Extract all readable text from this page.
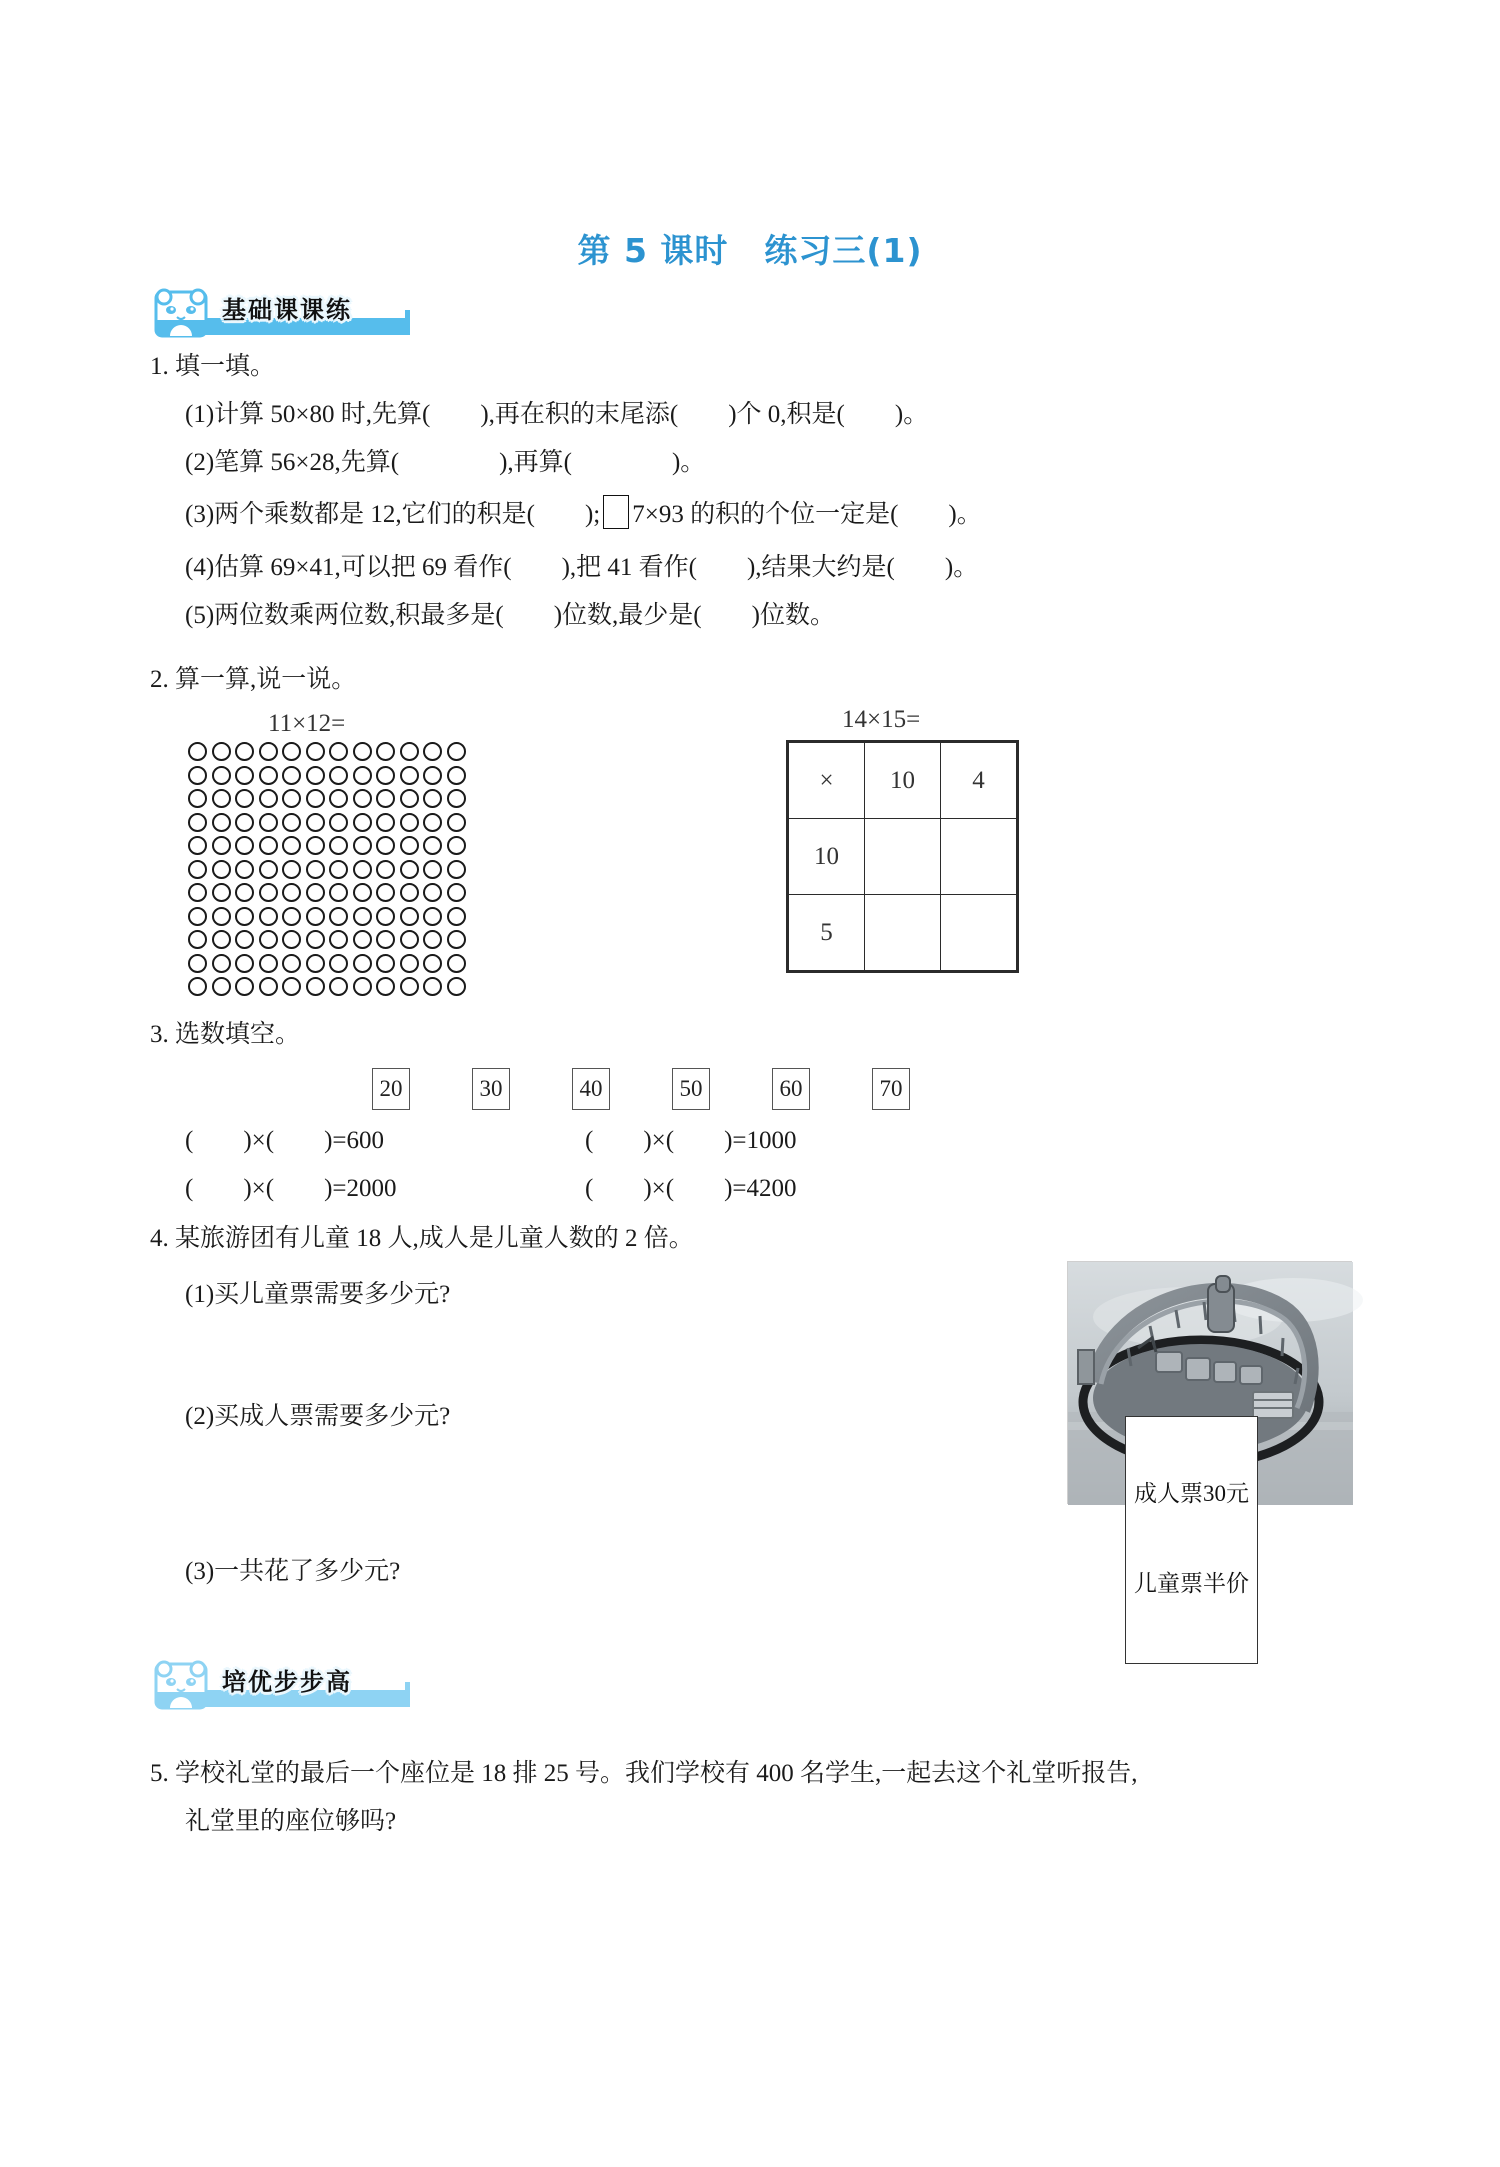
第 5 课时 练习三(1)
基础课课练
1. 填一填。
(1)计算 50×80 时,先算(        ),再在积的末尾添(        )个 0,积是(        )。
(2)笔算 56×28,先算(                ),再算(                )。
(3)两个乘数都是 12,它们的积是(        ); 7×93 的积的个位一定是(        )。
(4)估算 69×41,可以把 69 看作(        ),把 41 看作(        ),结果大约是(        )。
(5)两位数乘两位数,积最多是(        )位数,最少是(        )位数。
2. 算一算,说一说。
11×12=	14×15=
×	10	4
10		
5		
3. 选数填空。
20	30	40	50	60	70
(        )×(        )=600	(        )×(        )=1000
(        )×(        )=2000	(        )×(        )=4200
4. 某旅游团有儿童 18 人,成人是儿童人数的 2 倍。
(1)买儿童票需要多少元?
(2)买成人票需要多少元?
(3)一共花了多少元?

成人票30元

儿童票半价

培优步步高
5. 学校礼堂的最后一个座位是 18 排 25 号。我们学校有 400 名学生,一起去这个礼堂听报告,
礼堂里的座位够吗?
